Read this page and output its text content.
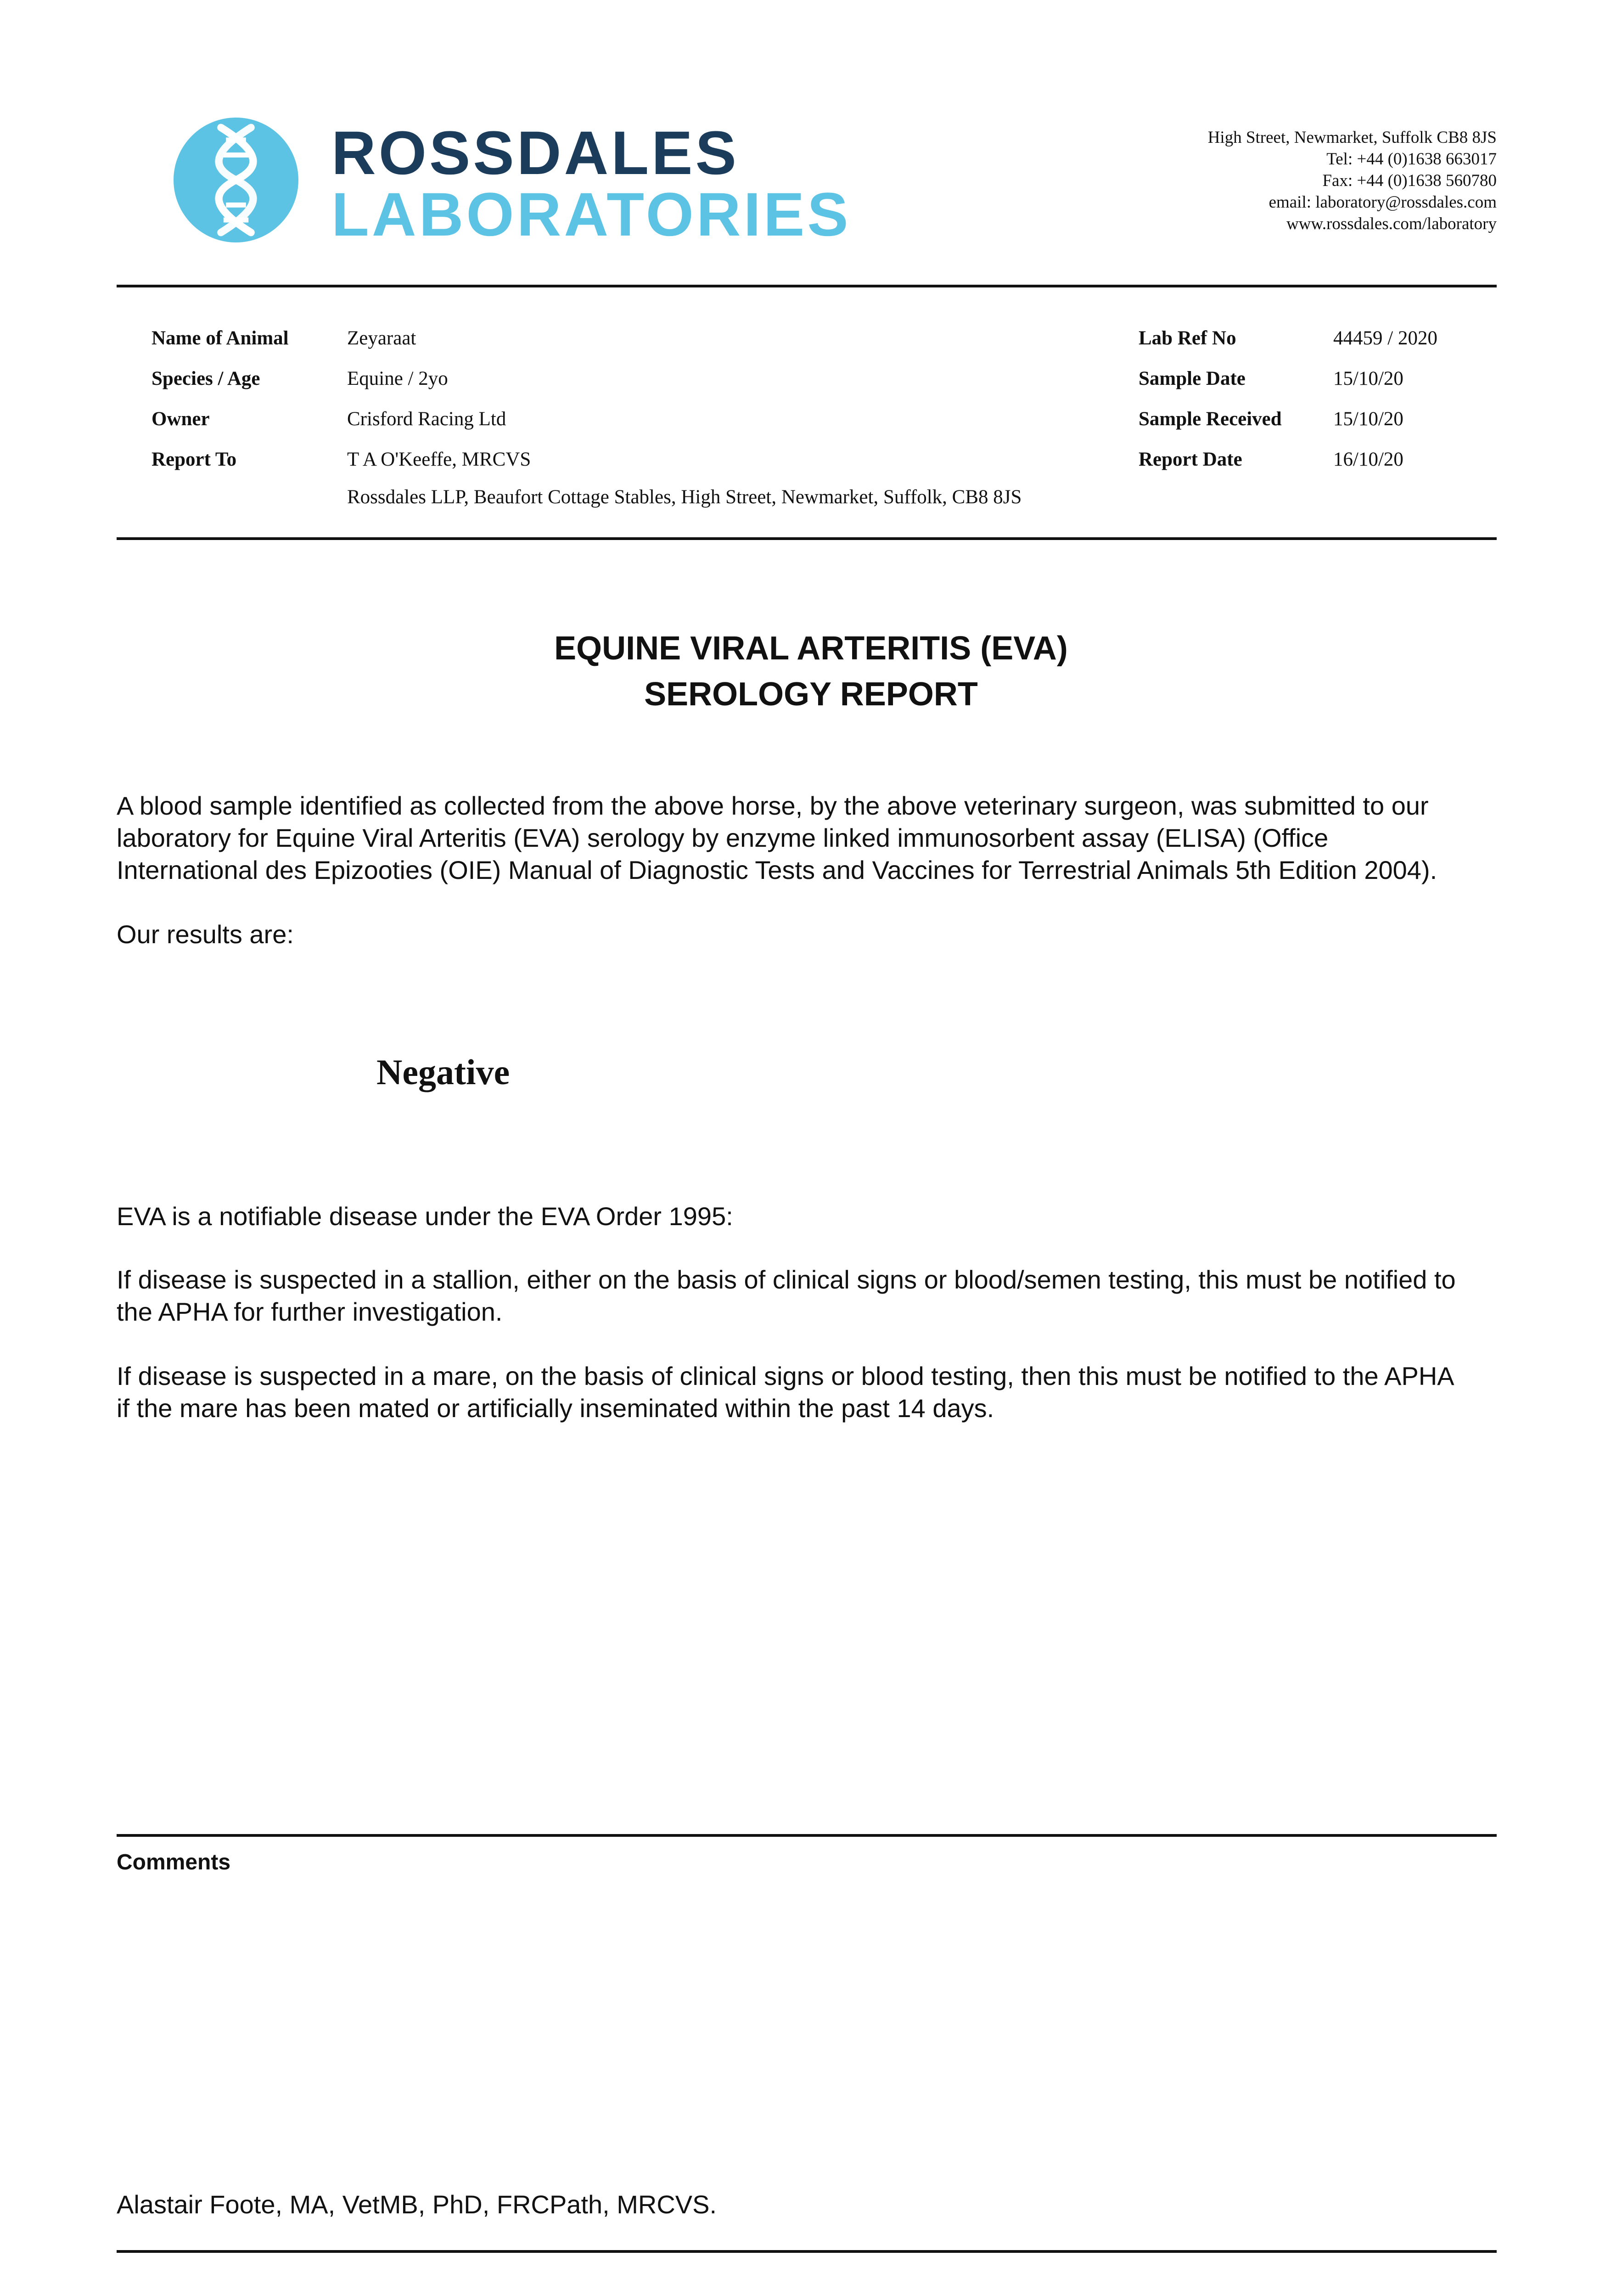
ROSSDALES
LABORATORIES
High Street, Newmarket, Suffolk CB8 8JS
Tel: +44 (0)1638 663017
Fax: +44 (0)1638 560780
email: laboratory@rossdales.com
www.rossdales.com/laboratory
Name of Animal	Zeyaraat
Species / Age	Equine / 2yo
Owner	Crisford Racing Ltd
Report To	T A O'Keeffe, MRCVS
Rossdales LLP, Beaufort Cottage Stables, High Street, Newmarket, Suffolk, CB8 8JS
Lab Ref No	44459 / 2020
Sample Date	15/10/20
Sample Received	15/10/20
Report Date	16/10/20
EQUINE VIRAL ARTERITIS (EVA)
SEROLOGY REPORT
A blood sample identified as collected from the above horse, by the above veterinary surgeon, was submitted to our
laboratory for Equine Viral Arteritis (EVA) serology by enzyme linked immunosorbent assay (ELISA) (Office
International des Epizooties (OIE) Manual of Diagnostic Tests and Vaccines for Terrestrial Animals 5th Edition 2004).
Our results are:
Negative
EVA is a notifiable disease under the EVA Order 1995:
If disease is suspected in a stallion, either on the basis of clinical signs or blood/semen testing, this must be notified to
the APHA for further investigation.
If disease is suspected in a mare, on the basis of clinical signs or blood testing, then this must be notified to the APHA
if the mare has been mated or artificially inseminated within the past 14 days.
Comments
Alastair Foote, MA, VetMB, PhD, FRCPath, MRCVS.
